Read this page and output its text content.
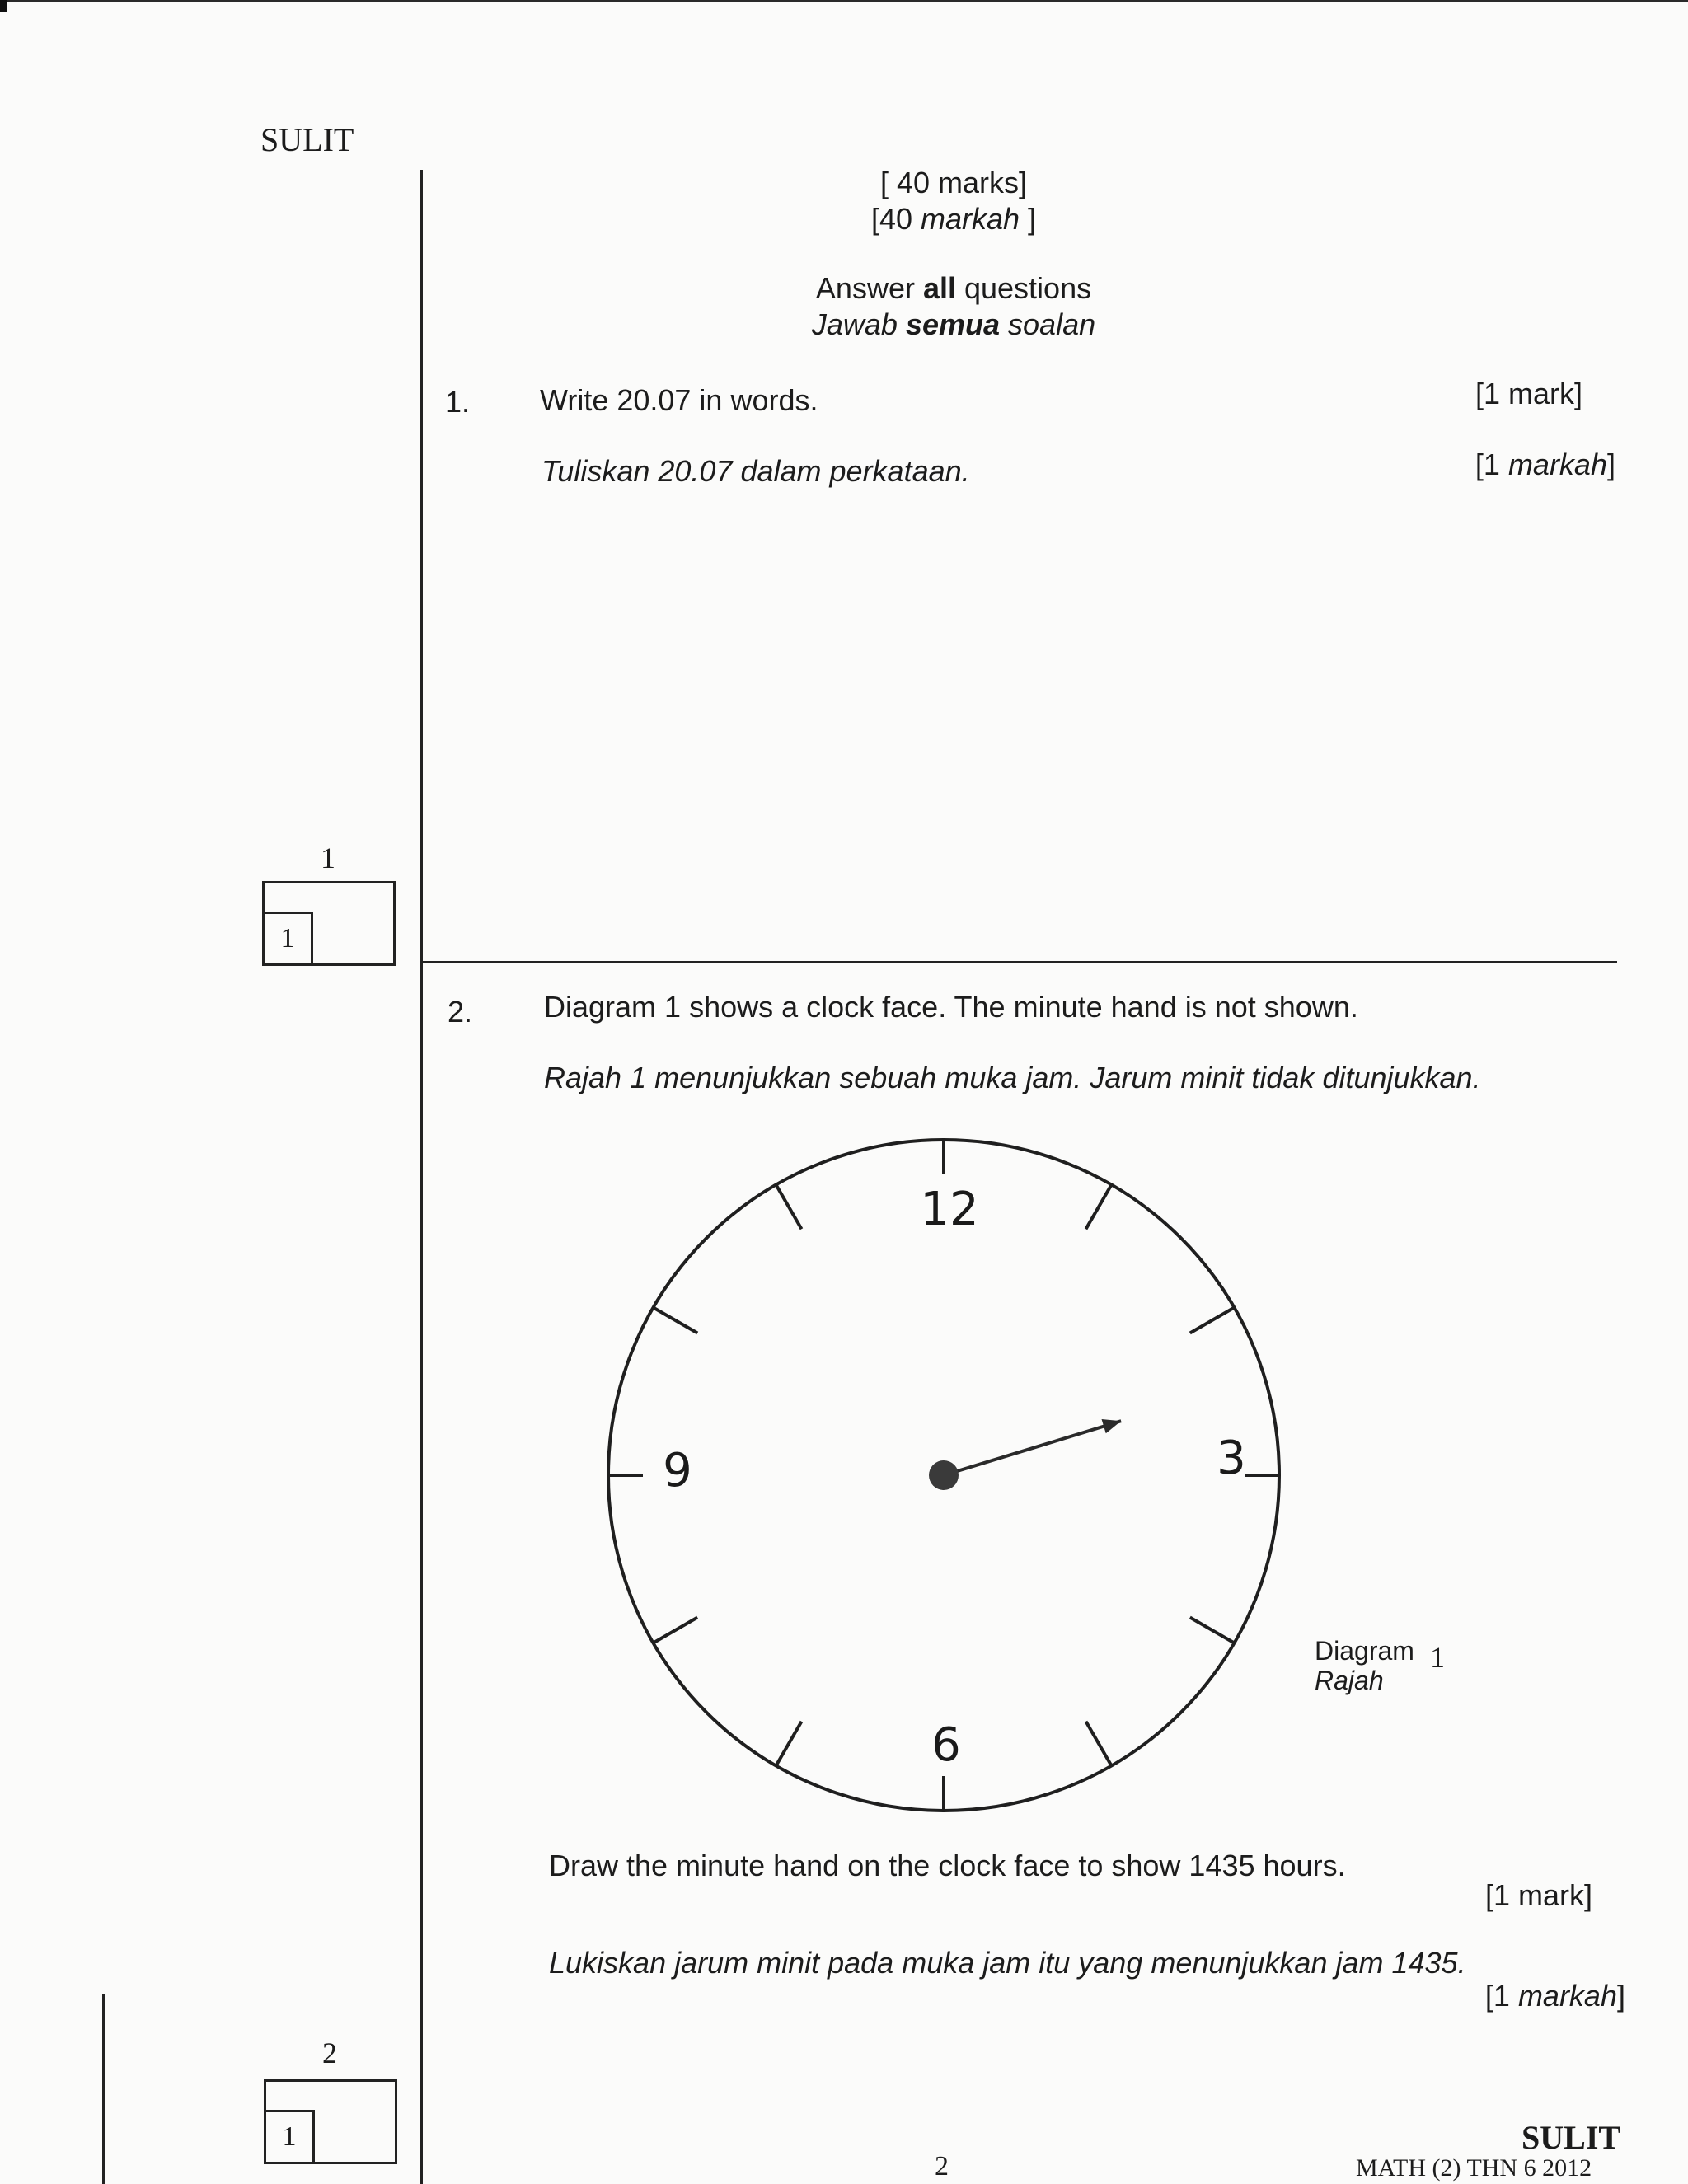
SULIT
[ 40 marks]
[40 markah ]
Answer all questions
Jawab semua soalan
1. Write 20.07 in words.
Tuliskan 20.07 dalam perkataan.
[1 mark]
[1 markah]
1
1
2. Diagram 1 shows a clock face. The minute hand is not shown.
Rajah 1 menunjukkan sebuah muka jam. Jarum minit tidak ditunjukkan.
12
3
6
9
Diagram
Rajah
1
Draw the minute hand on the clock face to show 1435 hours.
[1 mark]
Lukiskan jarum minit pada muka jam itu yang menunjukkan jam 1435.
[1 markah]
2
1
2
SULIT
MATH (2) THN 6 2012
